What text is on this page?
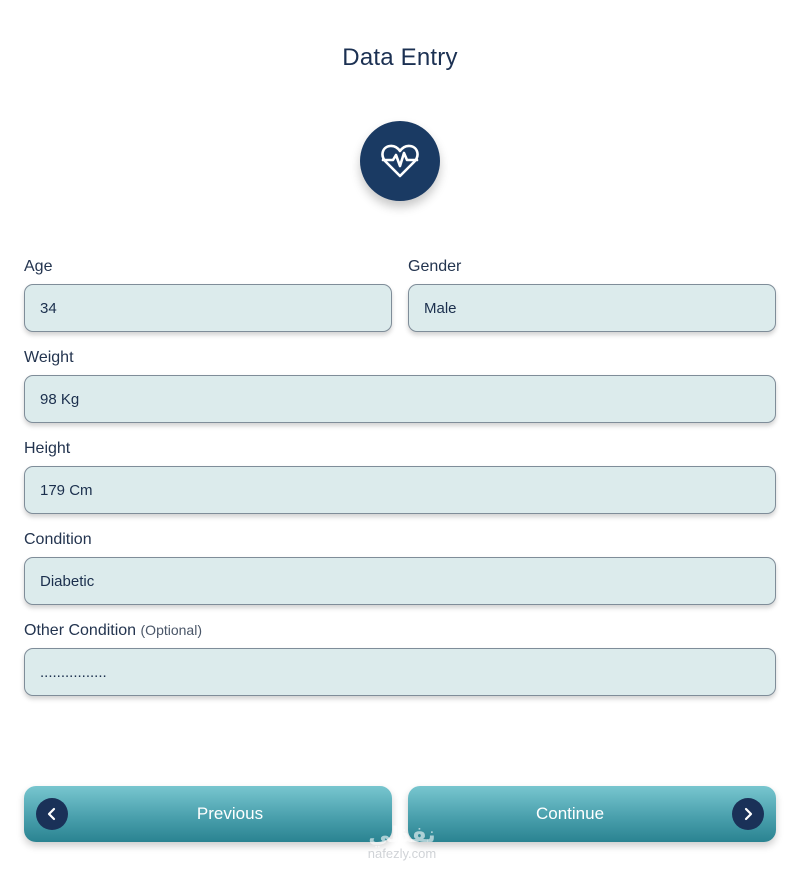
Data Entry
Age
34	Gender
Male
Weight
98 Kg
Height
179 Cm
Condition
Diabetic
Other Condition (Optional)
................
Previous	Continue
نفذلي
nafezly.com
